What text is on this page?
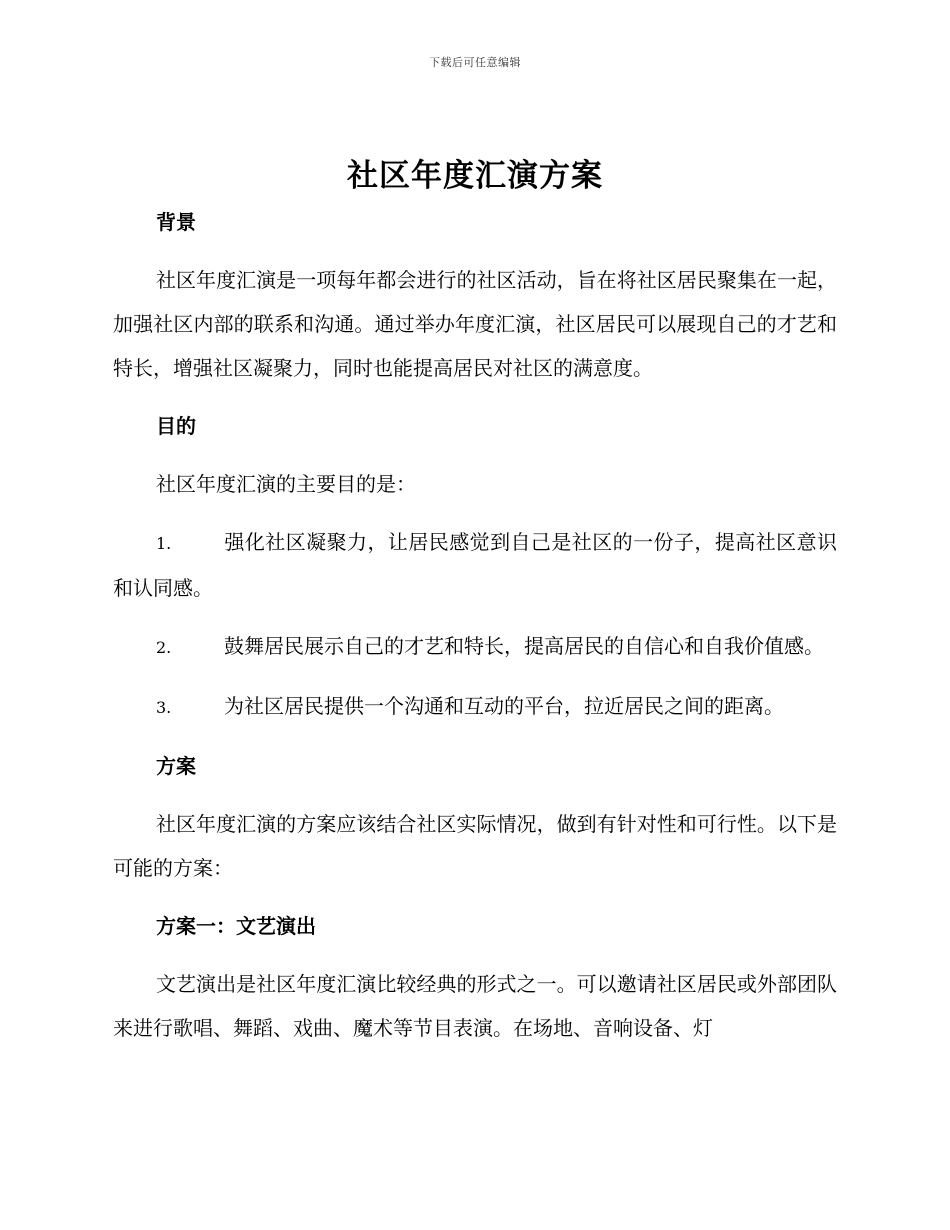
下载后可任意编辑
社区年度汇演方案
背景

社区年度汇演是一项每年都会进行的社区活动，旨在将社区居民聚集在一起，加强社区内部的联系和沟通。通过举办年度汇演，社区居民可以展现自己的才艺和特长，增强社区凝聚力，同时也能提高居民对社区的满意度。

目的

社区年度汇演的主要目的是：

1.	强化社区凝聚力，让居民感觉到自己是社区的一份子，提高社区意识和认同感。

2.	鼓舞居民展示自己的才艺和特长，提高居民的自信心和自我价值感。

3.	为社区居民提供一个沟通和互动的平台，拉近居民之间的距离。

方案

社区年度汇演的方案应该结合社区实际情况，做到有针对性和可行性。以下是可能的方案：

方案一：文艺演出

文艺演出是社区年度汇演比较经典的形式之一。可以邀请社区居民或外部团队来进行歌唱、舞蹈、戏曲、魔术等节目表演。在场地、音响设备、灯
